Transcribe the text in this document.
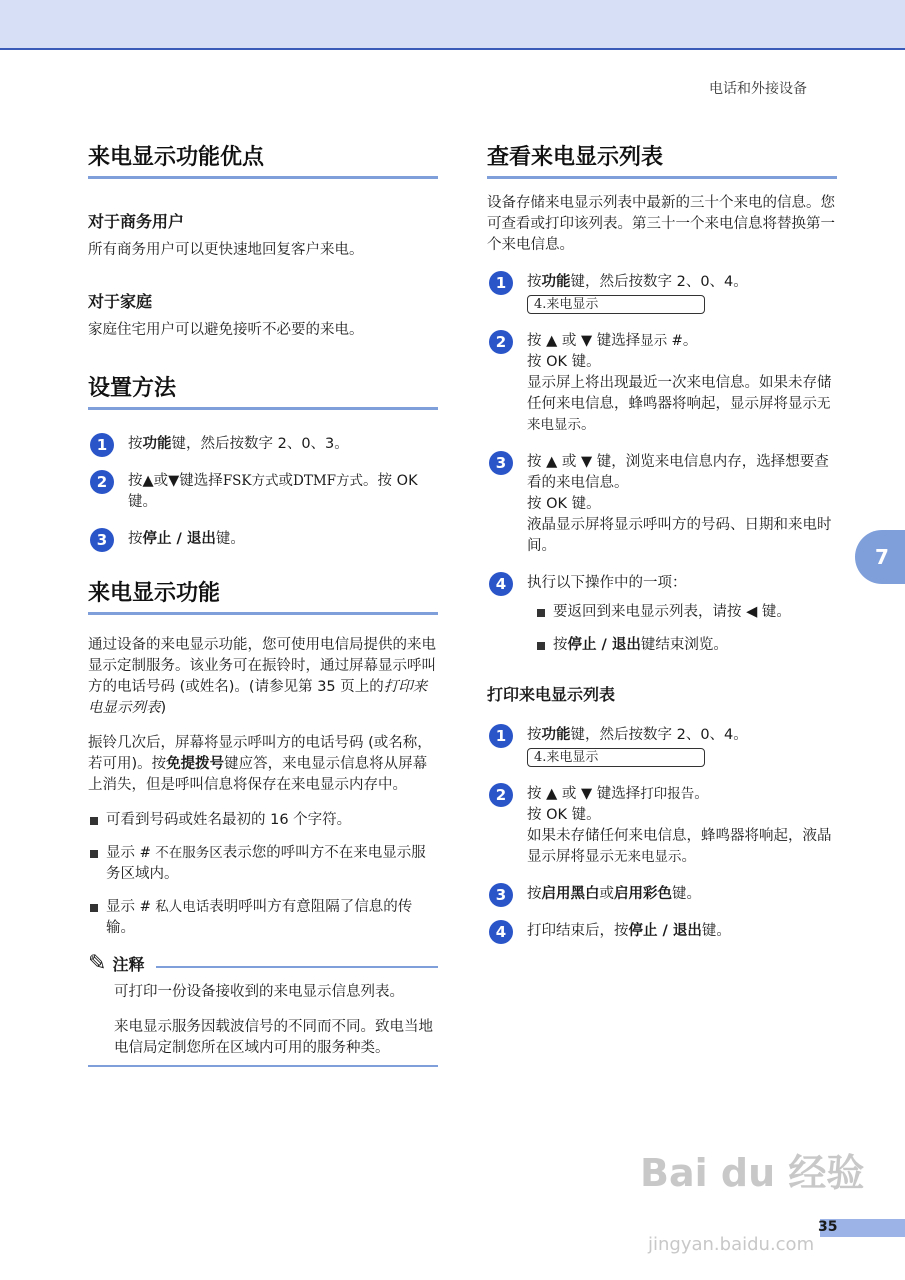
电话和外接设备
7
来电显示功能优点
对于商务用户

所有商务用户可以更快速地回复客户来电。

对于家庭

家庭住宅用户可以避免接听不必要的来电。

设置方法
1	按功能键，然后按数字 2、0、3。
2	按▲或▼键选择FSK方式或DTMF方式。按 OK 键。
3	按停止 / 退出键。
来电显示功能

通过设备的来电显示功能，您可使用电信局提供的来电显示定制服务。该业务可在振铃时，通过屏幕显示呼叫方的电话号码 (或姓名)。(请参见第 35 页上的打印来电显示列表)

振铃几次后，屏幕将显示呼叫方的电话号码 (或名称，若可用)。按免提拨号键应答，来电显示信息将从屏幕上消失，但是呼叫信息将保存在来电显示内存中。

可看到号码或姓名最初的 16 个字符。
显示 # 不在服务区表示您的呼叫方不在来电显示服务区域内。
显示 # 私人电话表明呼叫方有意阻隔了信息的传输。
✎ 注释

可打印一份设备接收到的来电显示信息列表。

来电显示服务因载波信号的不同而不同。致电当地电信局定制您所在区域内可用的服务种类。

查看来电显示列表

设备存储来电显示列表中最新的三十个来电的信息。您可查看或打印该列表。第三十一个来电信息将替换第一个来电信息。

1	按功能键，然后按数字 2、0、4。
4.来电显示
2	按 ▲ 或 ▼ 键选择显示 #。
按 OK 键。
显示屏上将出现最近一次来电信息。如果未存储任何来电信息，蜂鸣器将响起，显示屏将显示无来电显示。
3	按 ▲ 或 ▼ 键，浏览来电信息内存，选择想要查看的来电信息。
按 OK 键。
液晶显示屏将显示呼叫方的号码、日期和来电时间。
4	执行以下操作中的一项：
要返回到来电显示列表，请按 ◀ 键。
按停止 / 退出键结束浏览。
打印来电显示列表
1	按功能键，然后按数字 2、0、4。
4.来电显示
2	按 ▲ 或 ▼ 键选择打印报告。
按 OK 键。
如果未存储任何来电信息，蜂鸣器将响起，液晶显示屏将显示无来电显示。
3	按启用黑白或启用彩色键。
4	打印结束后，按停止 / 退出键。
Bai du 经验
jingyan.baidu.com
35
